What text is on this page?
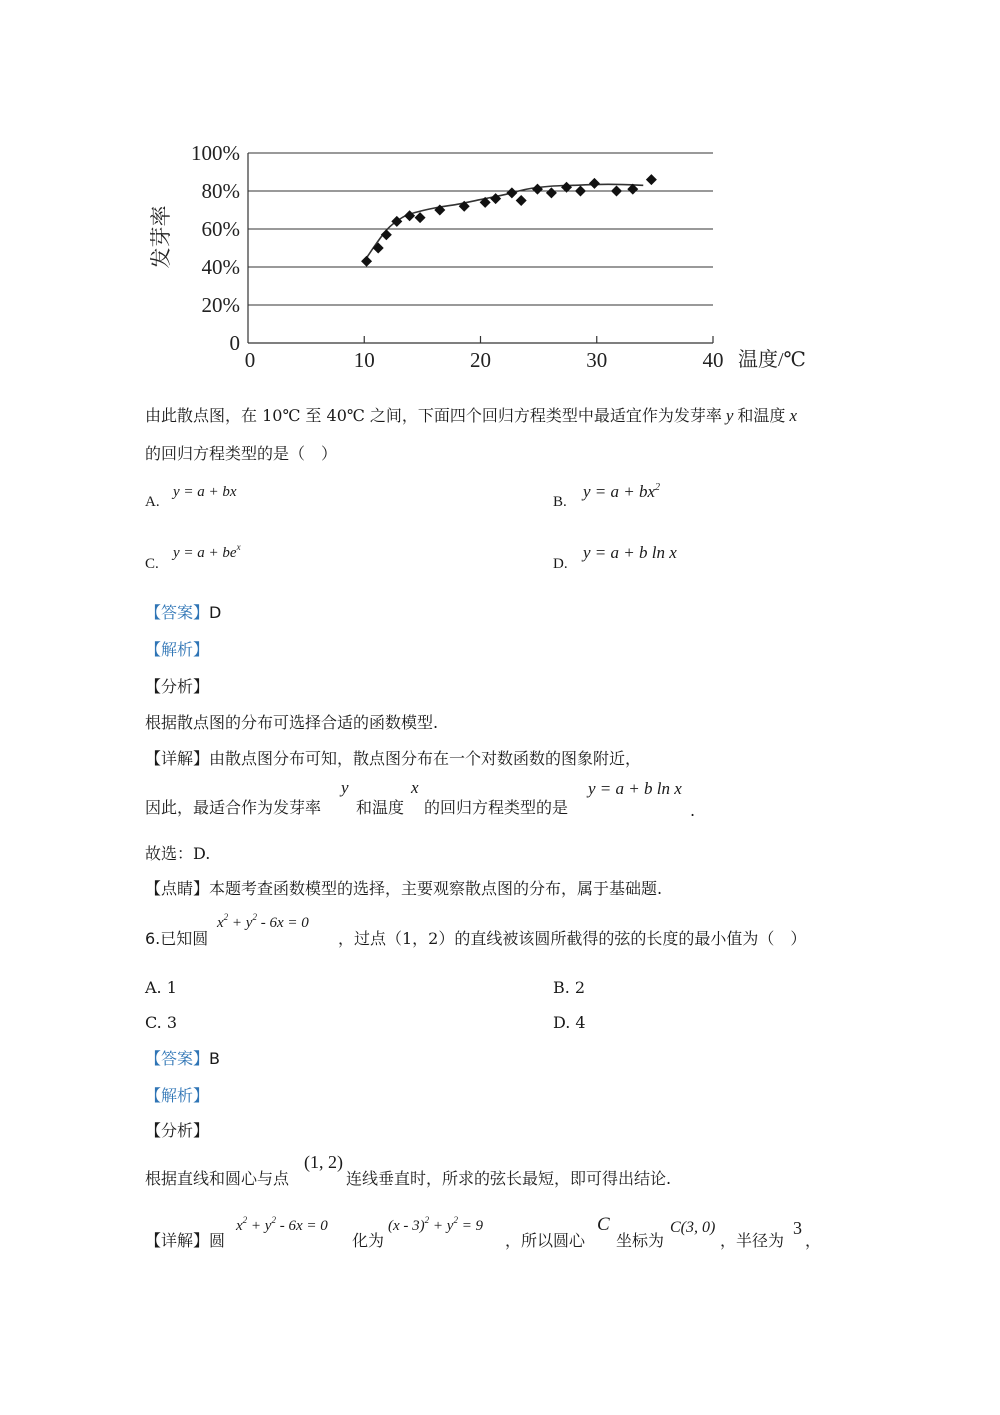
0
20%
40%
60%
80%
100%
0	10	20	30	40
发芽率
温度/℃
由此散点图，在 10℃ 至 40℃ 之间，下面四个回归方程类型中最适宜作为发芽率 y 和温度 x
的回归方程类型的是（　）
A.
y = a + bx
B.
$y = a + bx^2$
C.
$y = a + be^x$
D.
y = a + b ln x
【答案】D
【解析】
【分析】
根据散点图的分布可选择合适的函数模型.
【详解】由散点图分布可知，散点图分布在一个对数函数的图象附近，
因此，最适合作为发芽率
y
和温度
x
的回归方程类型的是
y = a + b ln x
.
故选：D.
【点睛】本题考查函数模型的选择，主要观察散点图的分布，属于基础题.
6.已知圆
$x^2 + y^2 - 6x = 0$
，过点（1，2）的直线被该圆所截得的弦的长度的最小值为（　）
A. 1	B. 2
C. 3	D. 4
【答案】B
【解析】
【分析】
根据直线和圆心与点
(1, 2)
连线垂直时，所求的弦长最短，即可得出结论.
【详解】圆
$x^2 + y^2 - 6x = 0$
化为
$(x - 3)^2 + y^2 = 9$
，所以圆心
C
坐标为
C(3, 0)
，半径为
3
，
